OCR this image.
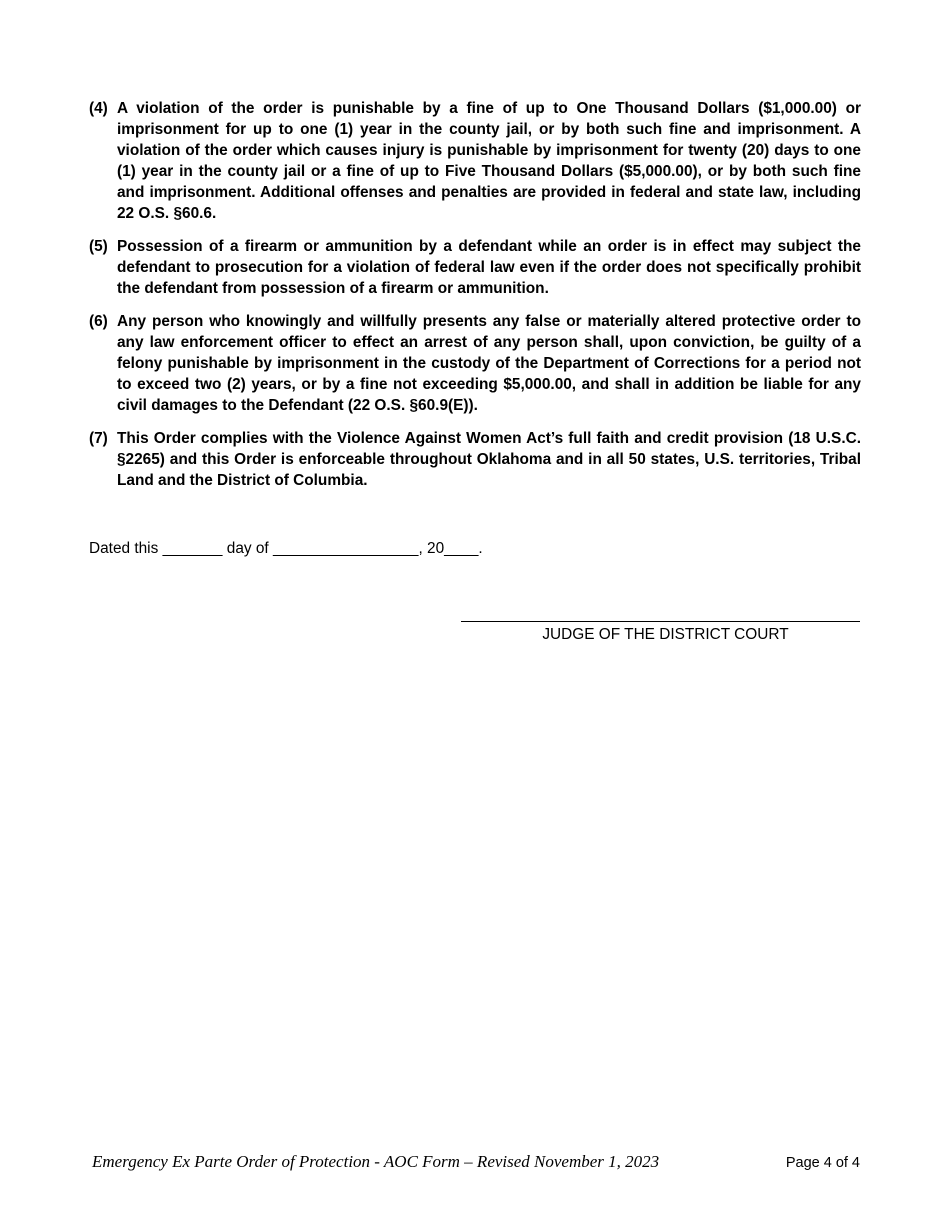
(4) A violation of the order is punishable by a fine of up to One Thousand Dollars ($1,000.00) or imprisonment for up to one (1) year in the county jail, or by both such fine and imprisonment. A violation of the order which causes injury is punishable by imprisonment for twenty (20) days to one (1) year in the county jail or a fine of up to Five Thousand Dollars ($5,000.00), or by both such fine and imprisonment. Additional offenses and penalties are provided in federal and state law, including 22 O.S. §60.6.
(5) Possession of a firearm or ammunition by a defendant while an order is in effect may subject the defendant to prosecution for a violation of federal law even if the order does not specifically prohibit the defendant from possession of a firearm or ammunition.
(6) Any person who knowingly and willfully presents any false or materially altered protective order to any law enforcement officer to effect an arrest of any person shall, upon conviction, be guilty of a felony punishable by imprisonment in the custody of the Department of Corrections for a period not to exceed two (2) years, or by a fine not exceeding $5,000.00, and shall in addition be liable for any civil damages to the Defendant (22 O.S. §60.9(E)).
(7) This Order complies with the Violence Against Women Act’s full faith and credit provision (18 U.S.C. §2265) and this Order is enforceable throughout Oklahoma and in all 50 states, U.S. territories, Tribal Land and the District of Columbia.
Dated this _______ day of _________________, 20____.
JUDGE OF THE DISTRICT COURT
Emergency Ex Parte Order of Protection - AOC Form – Revised November 1, 2023	Page 4 of 4
